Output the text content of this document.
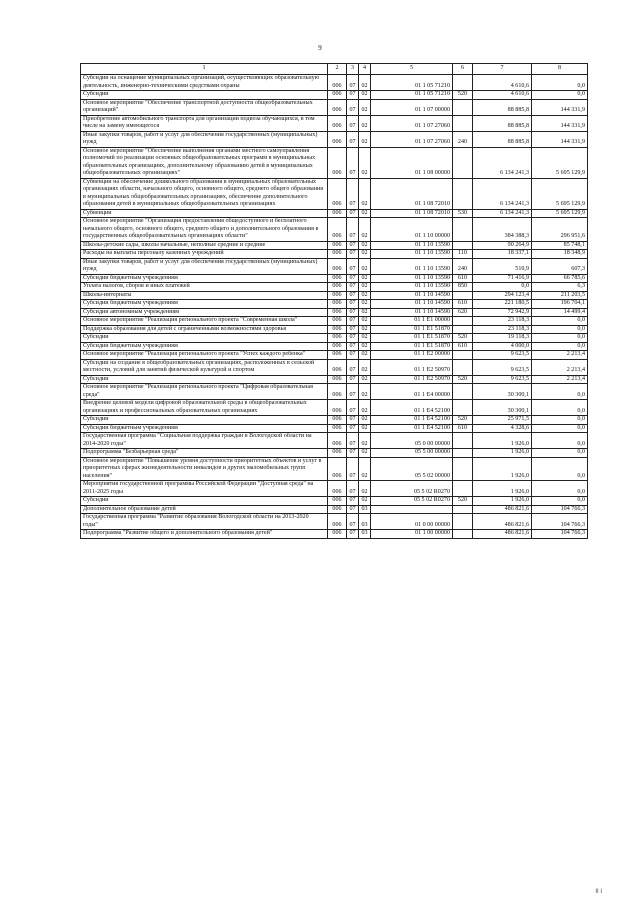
9
1	2	3	4	5	6	7	8
Субсидии на оснащение муниципальных организаций, осуществляющих образовательную деятельность, инженерно-техническими средствами охраны	006	07	02	01 1 05 71210		4 610,6	0,0
Субсидии	006	07	02	01 1 05 71210	520	4 610,6	0,0
Основное мероприятие "Обеспечение транспортной доступности общеобразовательных организаций"	006	07	02	01 1 07 00000		88 885,8	144 331,9
Приобретение автомобильного транспорта для организации подвоза обучающихся, в том числе на замену имеющегося	006	07	02	01 1 07 27060		88 885,8	144 331,9
Иные закупки товаров, работ и услуг для обеспечения государственных (муниципальных) нужд	006	07	02	01 1 07 27060	240	88 885,8	144 331,9
Основное мероприятие "Обеспечение выполнения органами местного самоуправления полномочий по реализации основных общеобразовательных программ в муниципальных образовательных организациях, дополнительному образованию детей в муниципальных общеобразовательных организациях"	006	07	02	01 1 08 00000		6 134 241,3	5 695 129,9
Субвенции на обеспечение дошкольного образования в муниципальных образовательных организациях области, начального общего, основного общего, среднего общего образования в муниципальных общеобразовательных организациях, обеспечение дополнительного образования детей в муниципальных общеобразовательных организациях	006	07	02	01 1 08 72010		6 134 241,3	5 695 129,9
Субвенции	006	07	02	01 1 08 72010	530	6 134 241,3	5 695 129,9
Основное мероприятие "Организация предоставления общедоступного и бесплатного начального общего, основного общего, среднего общего и дополнительного образования в государственных общеобразовательных организациях области"	006	07	02	01 1 10 00000		384 388,3	296 951,6
Школы-детские сады, школы начальные, неполные средние и средние	006	07	02	01 1 10 13590		90 264,9	85 748,1
Расходы на выплаты персоналу казенных учреждений	006	07	02	01 1 10 13590	110	18 337,1	18 348,9
Иные закупки товаров, работ и услуг для обеспечения государственных (муниципальных) нужд	006	07	02	01 1 10 13590	240	510,9	607,3
Субсидии бюджетным учреждениям	006	07	02	01 1 10 13590	610	71 416,9	66 785,6
Уплата налогов, сборов и иных платежей	006	07	02	01 1 10 13590	850	0,0	6,3
Школы-интернаты	006	07	02	01 1 10 14590		294 123,4	211 203,5
Субсидии бюджетным учреждениям	006	07	02	01 1 10 14590	610	221 180,5	196 704,1
Субсидии автономным учреждениям	006	07	02	01 1 10 14590	620	72 942,9	14 499,4
Основное мероприятие "Реализация регионального проекта "Современная школа"	006	07	02	01 1 E1 00000		23 118,3	0,0
Поддержка образования для детей с ограниченными возможностями здоровья	006	07	02	01 1 E1 51870		23 118,3	0,0
Субсидии	006	07	02	01 1 E1 51870	520	19 118,3	0,0
Субсидии бюджетным учреждениям	006	07	02	01 1 E1 51870	610	4 000,0	0,0
Основное мероприятие "Реализация регионального проекта "Успех каждого ребенка"	006	07	02	01 1 E2 00000		9 623,5	2 213,4
Субсидии на создание в общеобразовательных организациях, расположенных в сельской местности, условий для занятий физической культурой и спортом	006	07	02	01 1 E2 50970		9 623,5	2 213,4
Субсидии	006	07	02	01 1 E2 50970	520	9 623,5	2 213,4
Основное мероприятие "Реализация регионального проекта "Цифровая образовательная среда"	006	07	02	01 1 E4 00000		30 300,1	0,0
Внедрение целевой модели цифровой образовательной среды в общеобразовательных организациях и профессиональных образовательных организациях	006	07	02	01 1 E4 52100		30 300,1	0,0
Субсидии	006	07	02	01 1 E4 52100	520	25 971,5	0,0
Субсидии бюджетным учреждениям	006	07	02	01 1 E4 52100	610	4 328,6	0,0
Государственная программа "Социальная поддержка граждан в Вологодской области на 2014-2020 годы"	006	07	02	05 0 00 00000		1 926,0	0,0
Подпрограмма "Безбарьерная среда"	006	07	02	05 5 00 00000		1 926,0	0,0
Основное мероприятие "Повышение уровня доступности приоритетных объектов и услуг в приоритетных сферах жизнедеятельности инвалидов и других маломобильных групп населения"	006	07	02	05 5 02 00000		1 926,0	0,0
Мероприятия государственной программы Российской Федерации "Доступная среда" на 2011-2025 годы	006	07	02	05 5 02 R0270		1 926,0	0,0
Субсидии	006	07	02	05 5 02 R0270	520	1 926,0	0,0
Дополнительное образование детей	006	07	03			486 821,6	104 766,3
Государственная программа "Развитие образования Вологодской области на 2013-2020 годы"	006	07	03	01 0 00 00000		486 821,6	104 766,3
Подпрограмма "Развитие общего и дополнительного образования детей"	006	07	03	01 1 00 00000		486 821,6	104 766,3
II I
